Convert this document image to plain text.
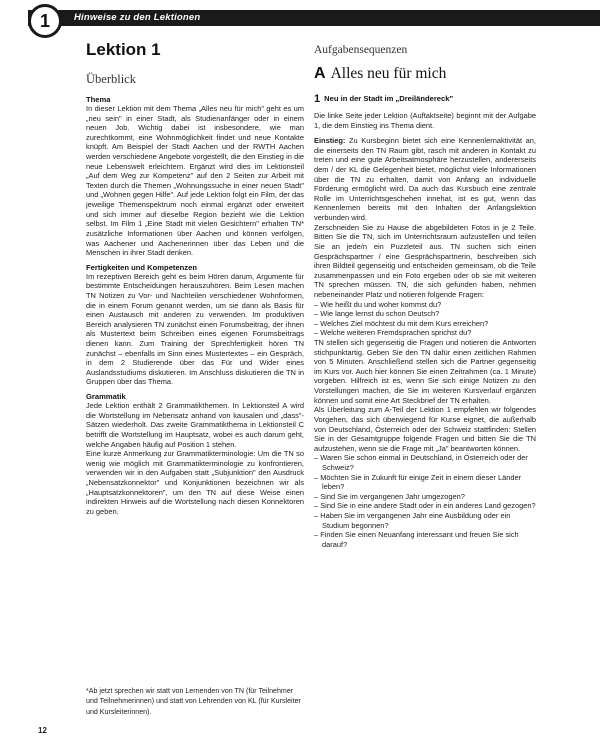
1	Hinweise zu den Lektionen
Lektion 1
Überblick
Thema

In dieser Lektion mit dem Thema „Alles neu für mich" geht es um „neu sein" in einer Stadt, als Studienanfänger oder in einem neuen Job. Wichtig dabei ist insbesondere, wie man zurechtkommt, eine Wohnmöglichkeit findet und neue Kontakte knüpft. Am Beispiel der Stadt Aachen und der RWTH Aachen werden verschiedene Angebote vorgestellt, die den Einstieg in die neue Lebenswelt erleichtern. Ergänzt wird dies im Lektionsteil „Auf dem Weg zur Kompetenz" auf den 2 Seiten zur Arbeit mit Texten durch die Themen „Wohnungssuche in einer neuen Stadt" und „Wohnen gegen Hilfe". Auf jede Lektion folgt ein Film, der das jeweilige Themenspektrum noch einmal ergänzt oder erweitert und sich immer auf dieselbe Region bezieht wie die Lektion selbst. Im Film 1 „Eine Stadt mit vielen Gesichtern" erhalten TN* zusätzliche Informationen über Aachen und können verfolgen, was Aachener und Aachenerinnen über das Leben und die Menschen in ihrer Stadt denken.

Fertigkeiten und Kompetenzen

Im rezeptiven Bereich geht es beim Hören darum, Argumente für bestimmte Entscheidungen herauszuhören. Beim Lesen machen TN Notizen zu Vor- und Nachteilen verschiedener Wohnformen, die in einem Forum genannt werden, um sie dann als Basis für einen Austausch mit anderen zu verwenden. Im produktiven Bereich analysieren TN zunächst einen Forumsbeitrag, der ihnen als Mustertext beim Schreiben eines eigenen Forumsbeitrags dienen kann. Zum Training der Sprechfertigkeit hören TN zunächst – ebenfalls im Sinn eines Mustertextes – ein Gespräch, in dem 2 Studierende über das Für und Wider eines Auslandsstudiums diskutieren. Im Anschluss diskutieren die TN in Gruppen über das Thema.

Grammatik

Jede Lektion enthält 2 Grammatikthemen. In Lektionsteil A wird die Wortstellung im Nebensatz anhand von kausalen und „dass"-Sätzen wiederholt. Das zweite Grammatikthema in Lektionsteil C betrifft die Wortstellung im Hauptsatz, wobei es auch darum geht, welche Angaben häufig auf Position 1 stehen.

Eine kurze Anmerkung zur Grammatikterminologie: Um die TN so wenig wie möglich mit Grammatikterminologie zu konfrontieren, verwenden wir in den Aufgaben statt „Subjunktion" den Ausdruck „Nebensatzkonnektor" und Konjunktionen bezeichnen wir als „Hauptsatzkonnektoren", um den TN auf diese Weise einen indirekten Hinweis auf die Wortstellung nach diesen Konnektoren zu geben.

*Ab jetzt sprechen wir statt von Lernenden von TN (für Teilnehmer und Teilnehmerinnen) und statt von Lehrenden von KL (für Kursleiter und Kursleiterinnen).
Aufgabensequenzen
A Alles neu für mich
1 Neu in der Stadt im „Dreiländereck"

Die linke Seite jeder Lektion (Auftaktseite) beginnt mit der Aufgabe 1, die dem Einstieg ins Thema dient.

Einstieg: Zu Kursbeginn bietet sich eine Kennenlernaktivität an, die einerseits den TN Raum gibt, rasch mit anderen in Kontakt zu treten und eine gute Arbeitsatmosphäre herzustellen, andererseits dem / der KL die Gelegenheit bietet, möglichst viele Informationen über die TN zu erhalten, damit von Anfang an individuelle Förderung ermöglicht wird. Da auch das Kursbuch eine zentrale Rolle im Unterrichtsgeschehen innehat, ist es gut, wenn das Kennenlernen bereits mit den Inhalten der Anfangslektion verbunden wird.

Zerschneiden Sie zu Hause die abgebildeten Fotos in je 2 Teile. Bitten Sie die TN, sich im Unterrichtsraum aufzustellen und teilen Sie an jede/n ein Puzzleteil aus. TN suchen sich einen Gesprächspartner / eine Gesprächspartnerin, beschreiben sich ihren Bildteil gegenseitig und entscheiden gemeinsam, ob die Teile zusammenpassen und ein Foto ergeben oder ob sie mit weiteren TN sprechen müssen. TN, die sich gefunden haben, nehmen nebeneinander Platz und notieren folgende Fragen:

– Wie heißt du und woher kommst du?
– Wie lange lernst du schon Deutsch?
– Welches Ziel möchtest du mit dem Kurs erreichen?
– Welche weiteren Fremdsprachen sprichst du?

TN stellen sich gegenseitig die Fragen und notieren die Antworten stichpunktartig. Geben Sie den TN dafür einen zeitlichen Rahmen von 5 Minuten. Anschließend stellen sich die Partner gegenseitig im Kurs vor. Auch hier können Sie einen Zeitrahmen (ca. 1 Minute) vorgeben. Hilfreich ist es, wenn Sie sich einige Notizen zu den Vorstellungen machen, die Sie im weiteren Kursverlauf ergänzen können und somit eine Art Steckbrief der TN erhalten.

Als Überleitung zum A-Teil der Lektion 1 empfehlen wir folgendes Vorgehen, das sich überwiegend für Kurse eignet, die außerhalb von Deutschland, Österreich oder der Schweiz stattfinden: Stellen Sie in der Gesamtgruppe folgende Fragen und bitten Sie die TN aufzustehen, wenn sie die Frage mit „Ja" beantworten können.

– Waren Sie schon einmal in Deutschland, in Österreich oder der Schweiz?
– Möchten Sie in Zukunft für einige Zeit in einem dieser Länder leben?
– Sind Sie im vergangenen Jahr umgezogen?
– Sind Sie in eine andere Stadt oder in ein anderes Land gezogen?
– Haben Sie im vergangenen Jahr eine Ausbildung oder ein Studium begonnen?
– Finden Sie einen Neuanfang interessant und freuen Sie sich darauf?
12
